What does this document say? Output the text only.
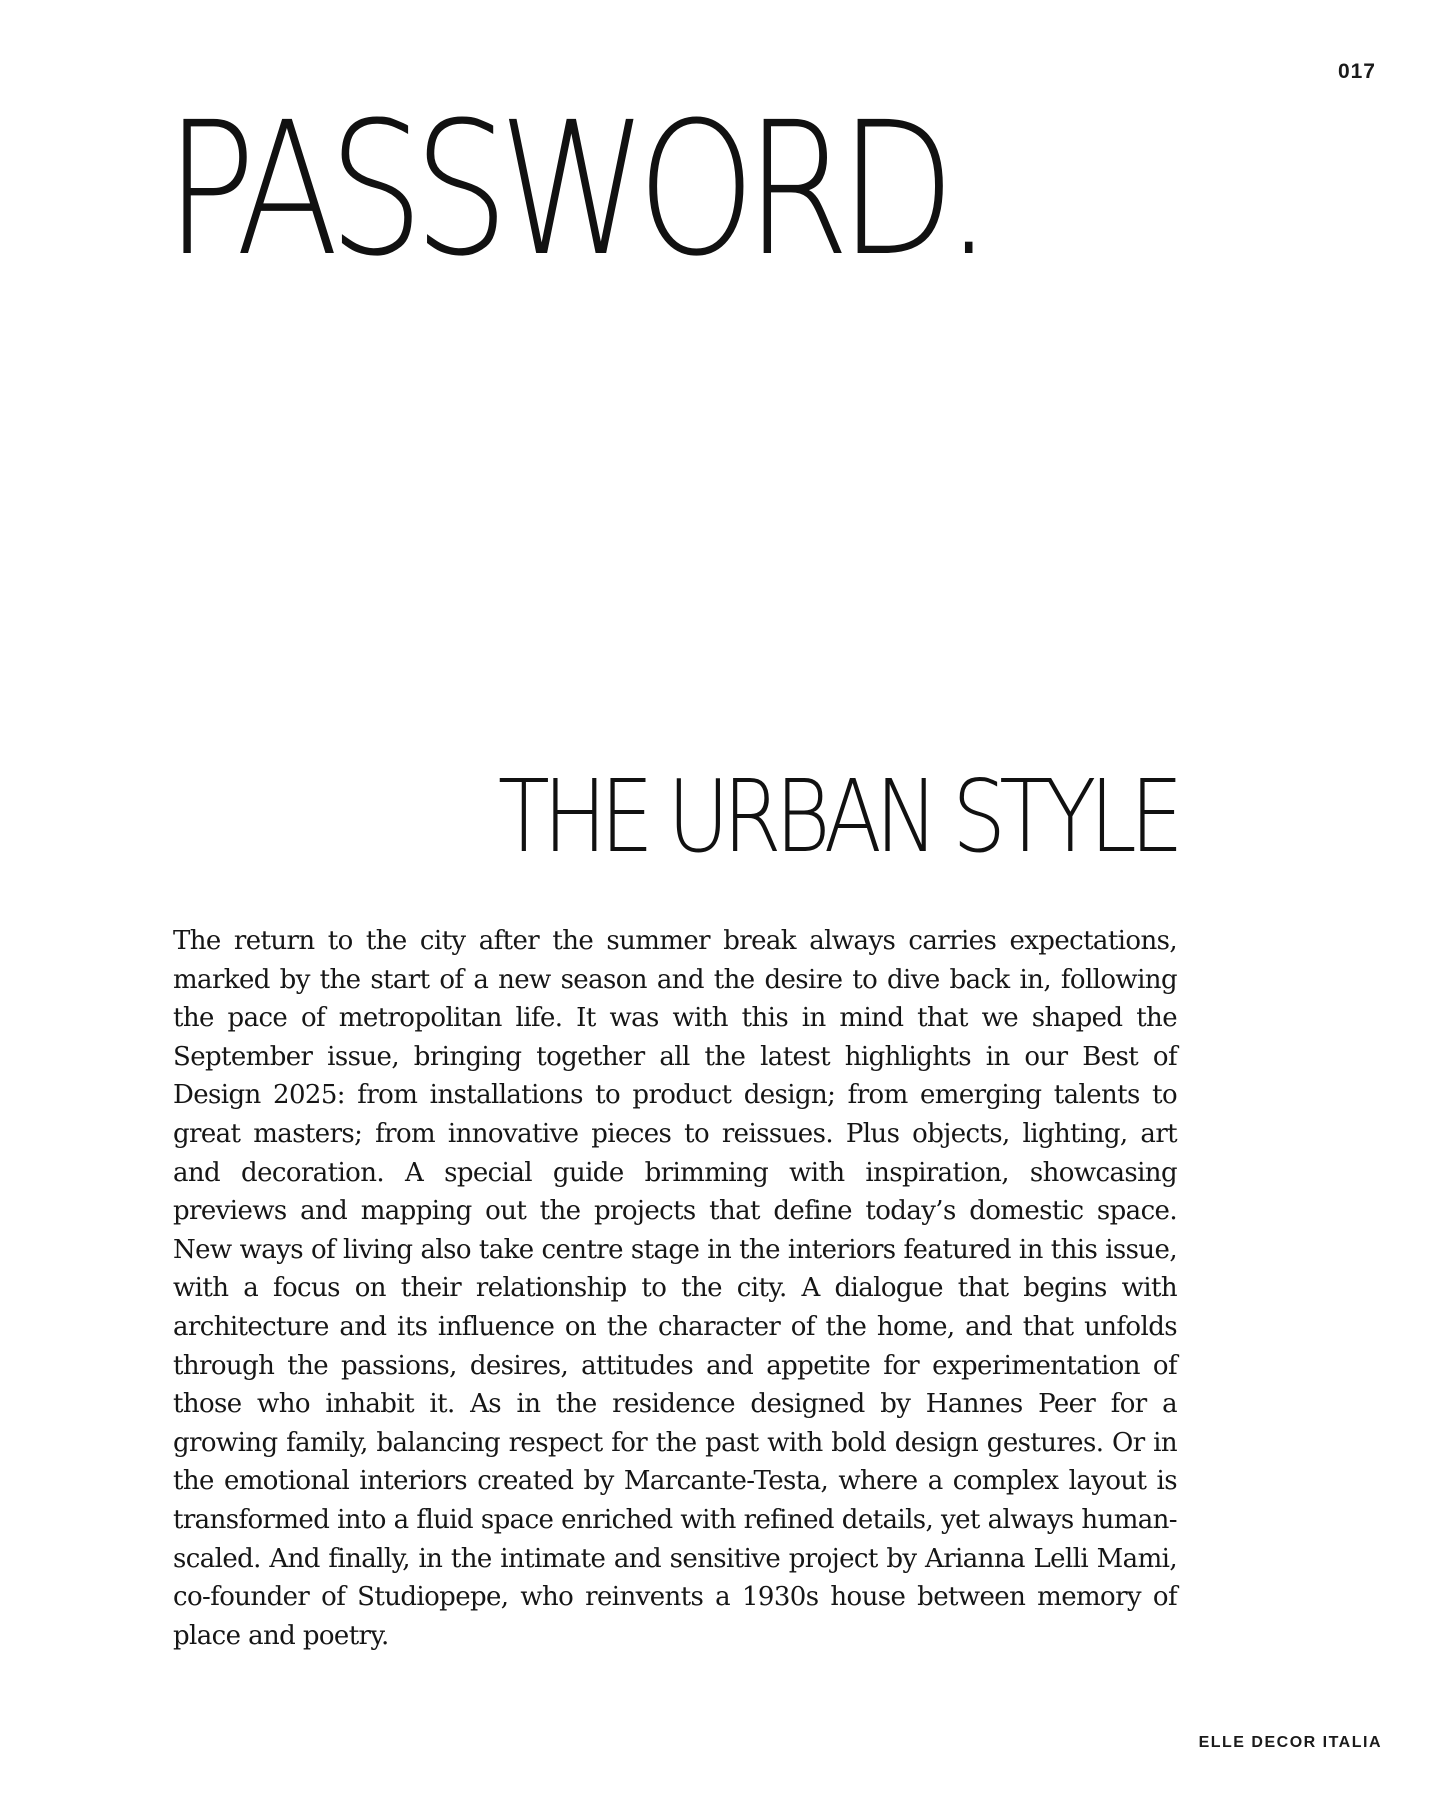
017
PASSWORD.
THE URBAN STYLE

The return to the city after the summer break always carries expectations, marked by the start of a new season and the desire to dive back in, following the pace of metropolitan life. It was with this in mind that we shaped the September issue, bringing together all the latest highlights in our Best of Design 2025: from installations to product design; from emerging talents to great masters; from innovative pieces to reissues. Plus objects, lighting, art and decoration. A special guide brimming with inspiration, showcasing previews and mapping out the projects that define today’s domestic space. New ways of living also take centre stage in the interiors featured in this issue, with a focus on their relationship to the city. A dialogue that begins with architecture and its influence on the character of the home, and that unfolds through the passions, desires, attitudes and appetite for experimentation of those who inhabit it. As in the residence designed by Hannes Peer for a growing family, balancing respect for the past with bold design gestures. Or in the emotional interiors created by Marcante-Testa, where a complex layout is transformed into a fluid space enriched with refined details, yet always human-scaled. And finally, in the intimate and sensitive project by Arianna Lelli Mami, co-founder of Studiopepe, who reinvents a 1930s house between memory of place and poetry.

ELLE DECOR ITALIA
